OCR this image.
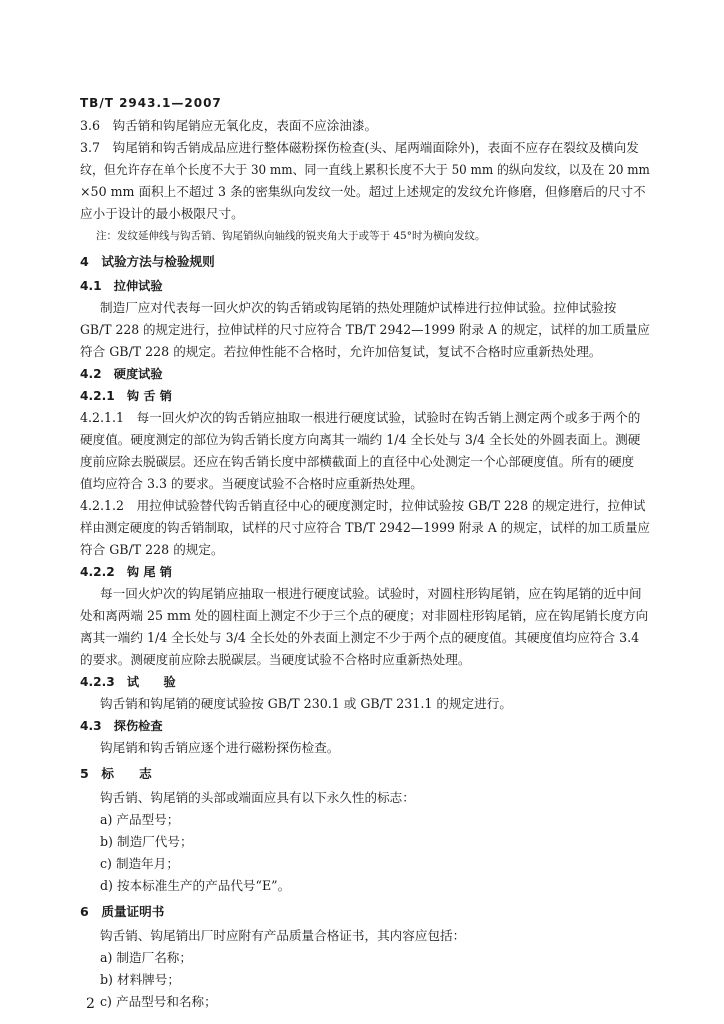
TB/T 2943.1—2007
3.6　钩舌销和钩尾销应无氧化皮，表面不应涂油漆。
3.7　钩尾销和钩舌销成品应进行整体磁粉探伤检查(头、尾两端面除外)，表面不应存在裂纹及横向发
纹，但允许存在单个长度不大于 30 mm、同一直线上累积长度不大于 50 mm 的纵向发纹，以及在 20 mm
×50 mm 面积上不超过 3 条的密集纵向发纹一处。超过上述规定的发纹允许修磨，但修磨后的尺寸不
应小于设计的最小极限尺寸。
注：发纹延伸线与钩舌销、钩尾销纵向轴线的锐夹角大于或等于 45°时为横向发纹。
4　试验方法与检验规则
4.1　拉伸试验
制造厂应对代表每一回火炉次的钩舌销或钩尾销的热处理随炉试棒进行拉伸试验。拉伸试验按
GB/T 228 的规定进行，拉伸试样的尺寸应符合 TB/T 2942—1999 附录 A 的规定，试样的加工质量应
符合 GB/T 228 的规定。若拉伸性能不合格时，允许加倍复试，复试不合格时应重新热处理。
4.2　硬度试验
4.2.1　钩 舌 销
4.2.1.1　每一回火炉次的钩舌销应抽取一根进行硬度试验，试验时在钩舌销上测定两个或多于两个的
硬度值。硬度测定的部位为钩舌销长度方向离其一端约 1/4 全长处与 3/4 全长处的外圆表面上。测硬
度前应除去脱碳层。还应在钩舌销长度中部横截面上的直径中心处测定一个心部硬度值。所有的硬度
值均应符合 3.3 的要求。当硬度试验不合格时应重新热处理。
4.2.1.2　用拉伸试验替代钩舌销直径中心的硬度测定时，拉伸试验按 GB/T 228 的规定进行，拉伸试
样由测定硬度的钩舌销制取，试样的尺寸应符合 TB/T 2942—1999 附录 A 的规定，试样的加工质量应
符合 GB/T 228 的规定。
4.2.2　钩 尾 销
每一回火炉次的钩尾销应抽取一根进行硬度试验。试验时，对圆柱形钩尾销，应在钩尾销的近中间
处和离两端 25 mm 处的圆柱面上测定不少于三个点的硬度；对非圆柱形钩尾销，应在钩尾销长度方向
离其一端约 1/4 全长处与 3/4 全长处的外表面上测定不少于两个点的硬度值。其硬度值均应符合 3.4
的要求。测硬度前应除去脱碳层。当硬度试验不合格时应重新热处理。
4.2.3　试　　验
钩舌销和钩尾销的硬度试验按 GB/T 230.1 或 GB/T 231.1 的规定进行。
4.3　探伤检查
钩尾销和钩舌销应逐个进行磁粉探伤检查。
5　标　　志
钩舌销、钩尾销的头部或端面应具有以下永久性的标志：
a) 产品型号；
b) 制造厂代号；
c) 制造年月；
d) 按本标准生产的产品代号“E”。
6　质量证明书
钩舌销、钩尾销出厂时应附有产品质量合格证书，其内容应包括：
a) 制造厂名称；
b) 材料牌号；
c) 产品型号和名称；
2
